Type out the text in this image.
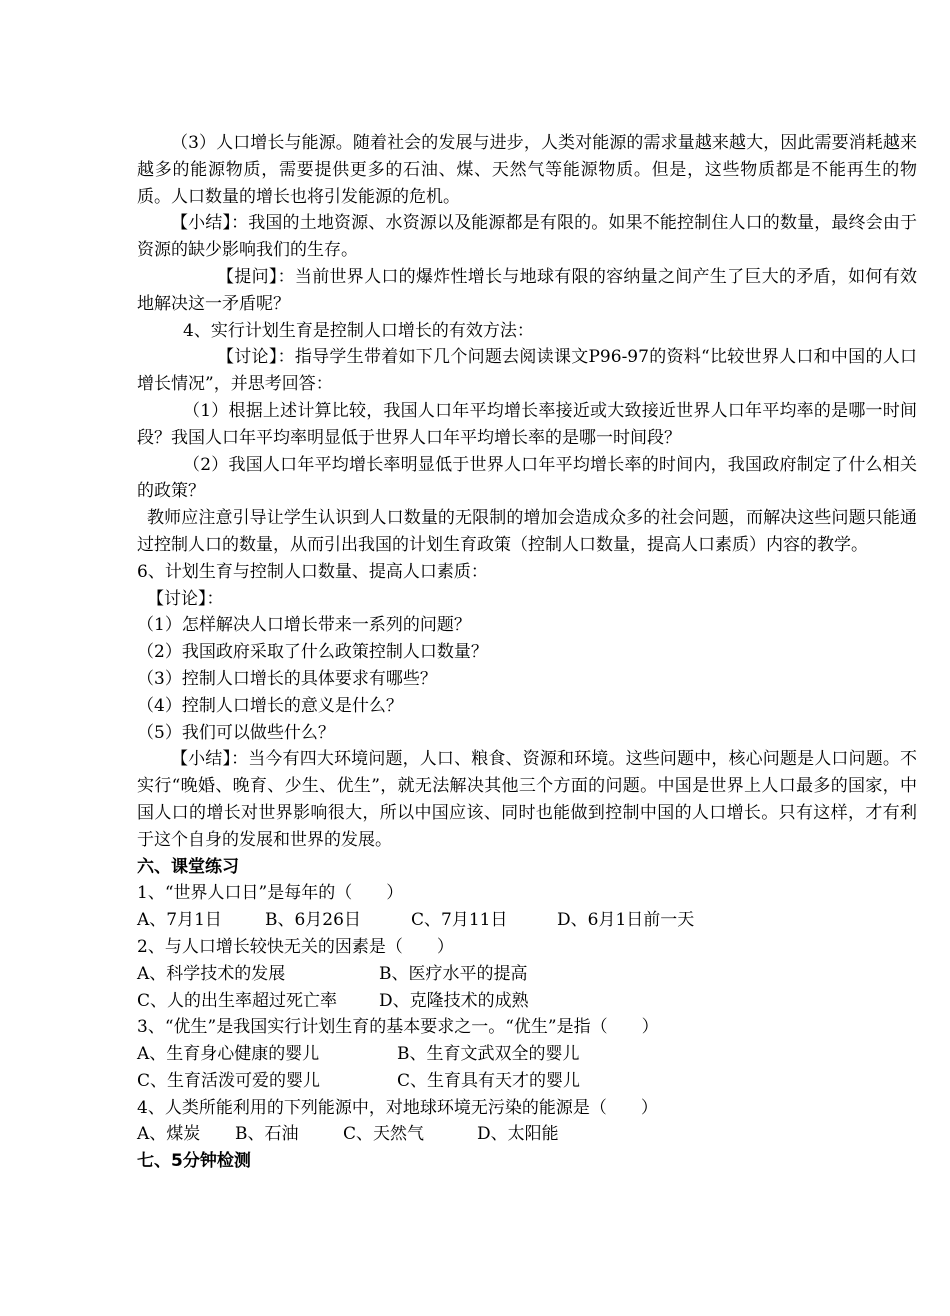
（3）人口增长与能源。随着社会的发展与进步，人类对能源的需求量越来越大，因此需要消耗越来越多的能源物质，需要提供更多的石油、煤、天然气等能源物质。但是，这些物质都是不能再生的物质。人口数量的增长也将引发能源的危机。

【小结】：我国的土地资源、水资源以及能源都是有限的。如果不能控制住人口的数量，最终会由于资源的缺少影响我们的生存。

【提问】：当前世界人口的爆炸性增长与地球有限的容纳量之间产生了巨大的矛盾，如何有效地解决这一矛盾呢？

4、实行计划生育是控制人口增长的有效方法：

【讨论】：指导学生带着如下几个问题去阅读课文P96-97的资料“比较世界人口和中国的人口增长情况”，并思考回答：

（1）根据上述计算比较，我国人口年平均增长率接近或大致接近世界人口年平均率的是哪一时间段？我国人口年平均率明显低于世界人口年平均增长率的是哪一时间段？

（2）我国人口年平均增长率明显低于世界人口年平均增长率的时间内，我国政府制定了什么相关的政策？

教师应注意引导让学生认识到人口数量的无限制的增加会造成众多的社会问题，而解决这些问题只能通过控制人口的数量，从而引出我国的计划生育政策（控制人口数量，提高人口素质）内容的教学。

6、计划生育与控制人口数量、提高人口素质：

【讨论】：

（1）怎样解决人口增长带来一系列的问题？

（2）我国政府采取了什么政策控制人口数量？

（3）控制人口增长的具体要求有哪些？

（4）控制人口增长的意义是什么？

（5）我们可以做些什么？

【小结】：当今有四大环境问题，人口、粮食、资源和环境。这些问题中，核心问题是人口问题。不实行“晚婚、晚育、少生、优生”，就无法解决其他三个方面的问题。中国是世界上人口最多的国家，中国人口的增长对世界影响很大，所以中国应该、同时也能做到控制中国的人口增长。只有这样，才有利于这个自身的发展和世界的发展。

六、课堂练习

1、“世界人口日”是每年的（　　）

A、7月1日	B、6月26日	C、7月11日	D、6月1日前一天

2、与人口增长较快无关的因素是（　　）

A、科学技术的发展	B、医疗水平的提高

C、人的出生率超过死亡率	D、克隆技术的成熟

3、“优生”是我国实行计划生育的基本要求之一。“优生”是指（　　）

A、生育身心健康的婴儿	B、生育文武双全的婴儿

C、生育活泼可爱的婴儿	C、生育具有天才的婴儿

4、人类所能利用的下列能源中，对地球环境无污染的能源是（　　）

A、煤炭	B、石油	C、天然气	D、太阳能

七、5分钟检测
